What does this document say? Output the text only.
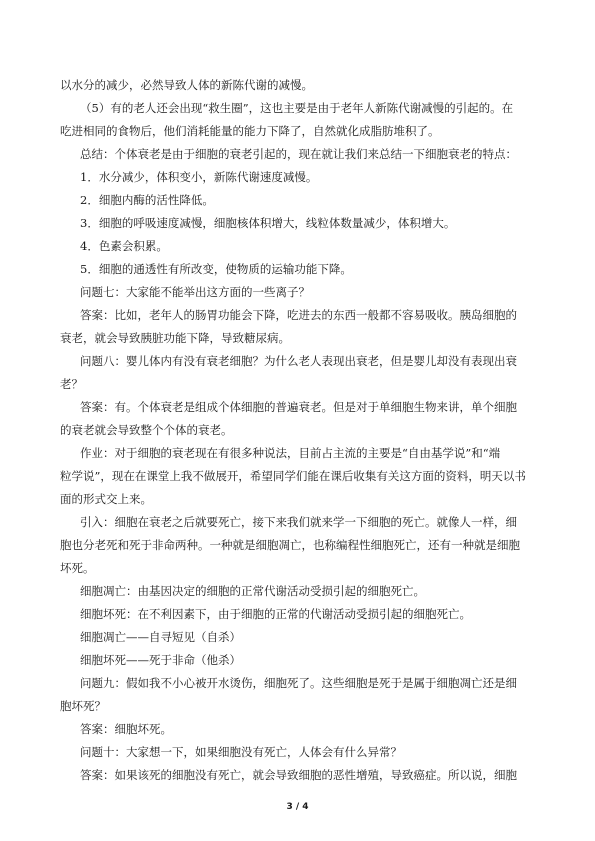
以水分的减少，必然导致人体的新陈代谢的减慢。
（5）有的老人还会出现“救生圈”，这也主要是由于老年人新陈代谢减慢的引起的。在
吃进相同的食物后，他们消耗能量的能力下降了，自然就化成脂肪堆积了。
总结：个体衰老是由于细胞的衰老引起的，现在就让我们来总结一下细胞衰老的特点：
1．水分减少，体积变小，新陈代谢速度减慢。
2．细胞内酶的活性降低。
3．细胞的呼吸速度减慢，细胞核体积增大，线粒体数量减少，体积增大。
4．色素会积累。
5．细胞的通透性有所改变，使物质的运输功能下降。
问题七：大家能不能举出这方面的一些离子？
答案：比如，老年人的肠胃功能会下降，吃进去的东西一般都不容易吸收。胰岛细胞的
衰老，就会导致胰脏功能下降，导致糖尿病。
问题八：婴儿体内有没有衰老细胞？为什么老人表现出衰老，但是婴儿却没有表现出衰
老？
答案：有。个体衰老是组成个体细胞的普遍衰老。但是对于单细胞生物来讲，单个细胞
的衰老就会导致整个个体的衰老。
作业：对于细胞的衰老现在有很多种说法，目前占主流的主要是“自由基学说”和“端
粒学说”，现在在课堂上我不做展开，希望同学们能在课后收集有关这方面的资料，明天以书
面的形式交上来。
引入：细胞在衰老之后就要死亡，接下来我们就来学一下细胞的死亡。就像人一样，细
胞也分老死和死于非命两种。一种就是细胞凋亡，也称编程性细胞死亡，还有一种就是细胞
坏死。
细胞凋亡：由基因决定的细胞的正常代谢活动受损引起的细胞死亡。
细胞坏死：在不利因素下，由于细胞的正常的代谢活动受损引起的细胞死亡。
细胞凋亡——自寻短见（自杀）
细胞坏死——死于非命（他杀）
问题九：假如我不小心被开水烫伤，细胞死了。这些细胞是死于是属于细胞凋亡还是细
胞坏死？
答案：细胞坏死。
问题十：大家想一下，如果细胞没有死亡，人体会有什么异常？
答案：如果该死的细胞没有死亡，就会导致细胞的恶性增殖，导致癌症。所以说，细胞
3 / 4
